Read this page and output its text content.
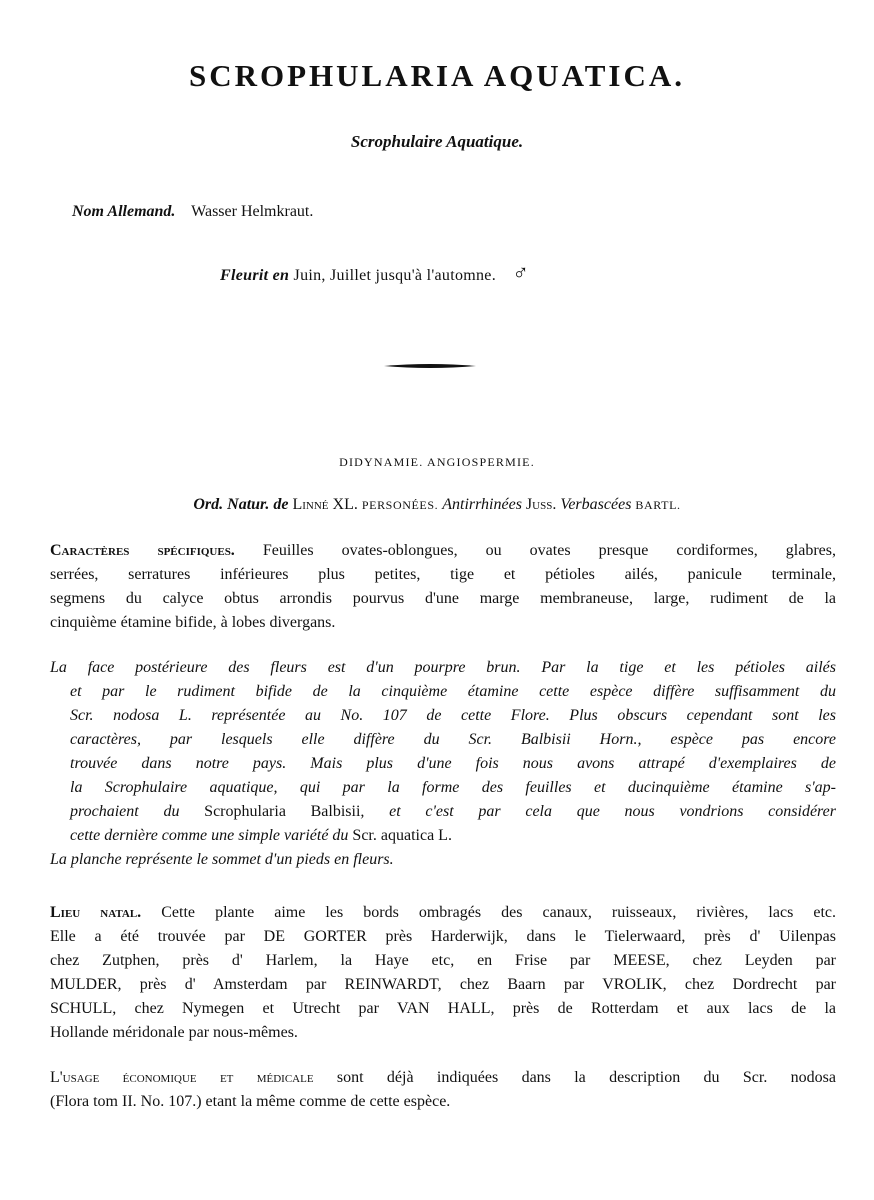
SCROPHULARIA AQUATICA.
Scrophulaire Aquatique.
Nom Allemand. Wasser Helmkraut.
Fleurit en Juin, Juillet jusqu'à l'automne. ♂
DIDYNAMIE. ANGIOSPERMIE.
Ord. Natur. de Linné XL. PERSONÉES. Antirrhinées Juss. Verbascées BARTL.
Caractères spécifiques. Feuilles ovates-oblongues, ou ovates presque cordiformes, glabres,
serrées, serratures inférieures plus petites, tige et pétioles ailés, panicule terminale,
segmens du calyce obtus arrondis pourvus d'une marge membraneuse, large, rudiment de la
cinquième étamine bifide, à lobes divergans.
La face postérieure des fleurs est d'un pourpre brun. Par la tige et les pétioles ailés
et par le rudiment bifide de la cinquième étamine cette espèce diffère suffisamment du
Scr. nodosa L. représentée au No. 107 de cette Flore. Plus obscurs cependant sont les
caractères, par lesquels elle diffère du Scr. Balbisii Horn., espèce pas encore
trouvée dans notre pays. Mais plus d'une fois nous avons attrapé d'exemplaires de
la Scrophulaire aquatique, qui par la forme des feuilles et ducinquième étamine s'ap-
prochaient du Scrophularia Balbisii, et c'est par cela que nous vondrions considérer
cette dernière comme une simple variété du Scr. aquatica L.
La planche représente le sommet d'un pieds en fleurs.
Lieu natal. Cette plante aime les bords ombragés des canaux, ruisseaux, rivières, lacs etc.
Elle a été trouvée par DE GORTER près Harderwijk, dans le Tielerwaard, près d' Uilenpas
chez Zutphen, près d' Harlem, la Haye etc, en Frise par MEESE, chez Leyden par
MULDER, près d' Amsterdam par REINWARDT, chez Baarn par VROLIK, chez Dordrecht par
SCHULL, chez Nymegen et Utrecht par VAN HALL, près de Rotterdam et aux lacs de la
Hollande méridonale par nous-mêmes.
L'usage économique et médicale sont déjà indiquées dans la description du Scr. nodosa
(Flora tom II. No. 107.) etant la même comme de cette espèce.
